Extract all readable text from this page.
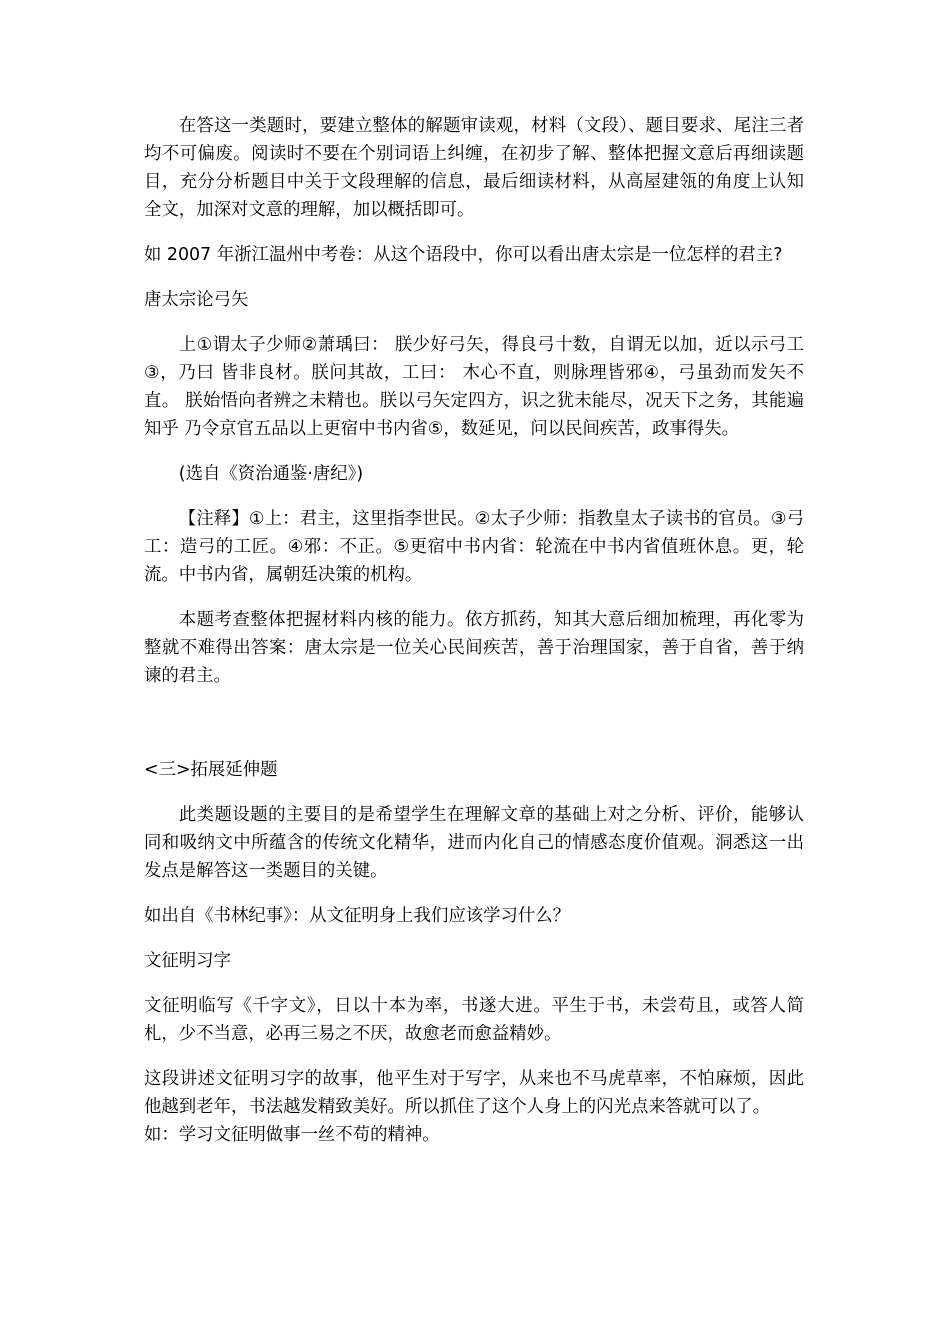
在答这一类题时，要建立整体的解题审读观，材料（文段）、题目要求、尾注三者均不可偏废。阅读时不要在个别词语上纠缠，在初步了解、整体把握文意后再细读题目，充分分析题目中关于文段理解的信息，最后细读材料，从高屋建瓴的角度上认知全文，加深对文意的理解，加以概括即可。

如 2007 年浙江温州中考卷：从这个语段中，你可以看出唐太宗是一位怎样的君主?

唐太宗论弓矢

上①谓太子少师②萧瑀曰： 朕少好弓矢，得良弓十数，自谓无以加，近以示弓工③，乃曰 皆非良材。朕问其故，工曰： 木心不直，则脉理皆邪④，弓虽劲而发矢不直。 朕始悟向者辨之未精也。朕以弓矢定四方，识之犹未能尽，况天下之务，其能遍知乎 乃令京官五品以上更宿中书内省⑤，数延见，问以民间疾苦，政事得失。

(选自《资治通鉴·唐纪》)

【注释】①上：君主，这里指李世民。②太子少师：指教皇太子读书的官员。③弓工：造弓的工匠。④邪：不正。⑤更宿中书内省：轮流在中书内省值班休息。更，轮流。中书内省，属朝廷决策的机构。

本题考查整体把握材料内核的能力。依方抓药，知其大意后细加梳理，再化零为整就不难得出答案：唐太宗是一位关心民间疾苦，善于治理国家，善于自省，善于纳谏的君主。

<三>拓展延伸题

此类题设题的主要目的是希望学生在理解文章的基础上对之分析、评价，能够认同和吸纳文中所蕴含的传统文化精华，进而内化自己的情感态度价值观。洞悉这一出发点是解答这一类题目的关键。

如出自《书林纪事》：从文征明身上我们应该学习什么？

文征明习字

文征明临写《千字文》，日以十本为率，书遂大进。平生于书，未尝苟且，或答人简札，少不当意，必再三易之不厌，故愈老而愈益精妙。

这段讲述文征明习字的故事，他平生对于写字，从来也不马虎草率，不怕麻烦，因此他越到老年，书法越发精致美好。所以抓住了这个人身上的闪光点来答就可以了。

如：学习文征明做事一丝不苟的精神。
